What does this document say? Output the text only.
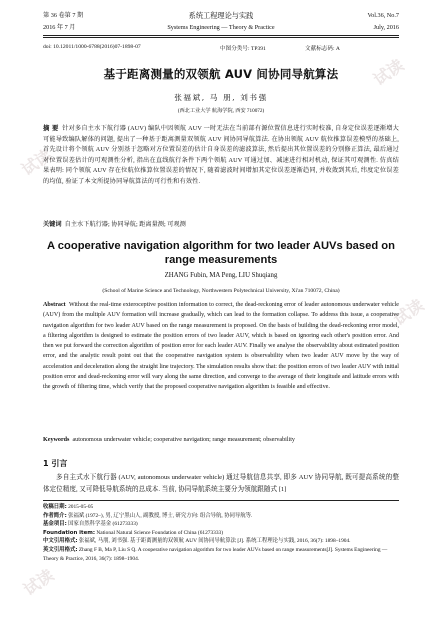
试读
试读
试读
试读
第 36 卷第 7 期	系统工程理论与实践	Vol.36, No.7
2016 年 7 月	Systems Engineering — Theory & Practice	July, 2016
doi: 10.12011/1000-6788(2016)07-1898-07	中图分类号: TP391	文献标志码: A
基于距离测量的双领航 AUV 间协同导航算法
张福斌, 马 朋, 刘书强
(西北工业大学 航海学院, 西安 710072)
摘 要 针对多自主水下航行器 (AUV) 编队中因领航 AUV 一时无法在当前部有源位置信息进行实时校准, 自身定位误差逐渐增大可能导致编队解体的问题, 提出了一种基于距离测量双领航 AUV 间协同导航算法. 在协出领航 AUV 航位推算误差模型的基础上, 首先设计将个领航 AUV 分别基于忽略对方位置误差的估计自身误差的滤波算法, 然后提出其位置误差的分别修正算法, 最后通过对位置误差估计的可观测性分析, 指出在直线航行条件下两个领航 AUV 可通过加、减速进行相对机动, 保证其可观测性. 仿真结果表明: 同个领航 AUV 存在位航位推算位置误差的情况下, 随着滤波时间增加其定位误差逐渐趋同, 并收敛到其后, 纬度定位误差的均值, 验证了本文所提协同导航算法的可行性和有效性.
关键词 自主水下航行器; 协同导航; 距离量测; 可观测
A cooperative navigation algorithm for two leader AUVs based on range measurements
ZHANG Fubin, MA Peng, LIU Shuqiang
(School of Marine Science and Technology, Northwestern Polytechnical University, Xi'an 710072, China)
Abstract Without the real-time exteroceptive position information to correct, the dead-reckoning error of leader autonomous underwater vehicle (AUV) from the multiple AUV formation will increase gradually, which can lead to the formation collapse. To address this issue, a cooperative navigation algorithm for two leader AUV based on the range measurement is proposed. On the basis of building the dead-reckoning error model, a filtering algorithm is designed to estimate the position errors of two leader AUV, which is based on ignoring each other's position error. And then we put forward the correction algorithm of position error for each leader AUV. Finally we analyse the observability about estimated position error, and the analytic result point out that the cooperative navigation system is observability when two leader AUV move by the way of acceleration and deceleration along the straight line trajectory. The simulation results show that: the position errors of two leader AUV with initial position error and dead-reckoning error will vary along the same direction, and converge to the average of their longitude and latitude errors with the growth of filtering time, which verify that the proposed cooperative navigation algorithm is feasible and effective.
Keywords autonomous underwater vehicle; cooperative navigation; range measurement; observability
1 引言
多自主式水下航行器 (AUV, autonomous underwater vehicle) 通过导航信息共享, 即多 AUV 协同导航, 既可提高系统的整体定位精度, 又可降低导航系统的总成本. 当前, 协同导航系统主要分为领航跟随式 [1]

收稿日期: 2015-05-05

作者简介: 张福斌 (1972–), 男, 辽宁黑山人, 副教授, 博士, 研究方向: 组合导航, 协同导航等.

基金项目: 国家自然科学基金 (61273333)

Foundation item: National Natural Science Foundation of China (61273333)

中文引用格式: 张福斌, 马朋, 刘书强. 基于距离测量的双领航 AUV 间协同导航算法 [J]. 系统工程理论与实践, 2016, 36(7): 1898–1904.

英文引用格式: Zhang F B, Ma P, Liu S Q. A cooperative navigation algorithm for two leader AUVs based on range measurements[J]. Systems Engineering — Theory & Practice, 2016, 36(7): 1898–1904.
